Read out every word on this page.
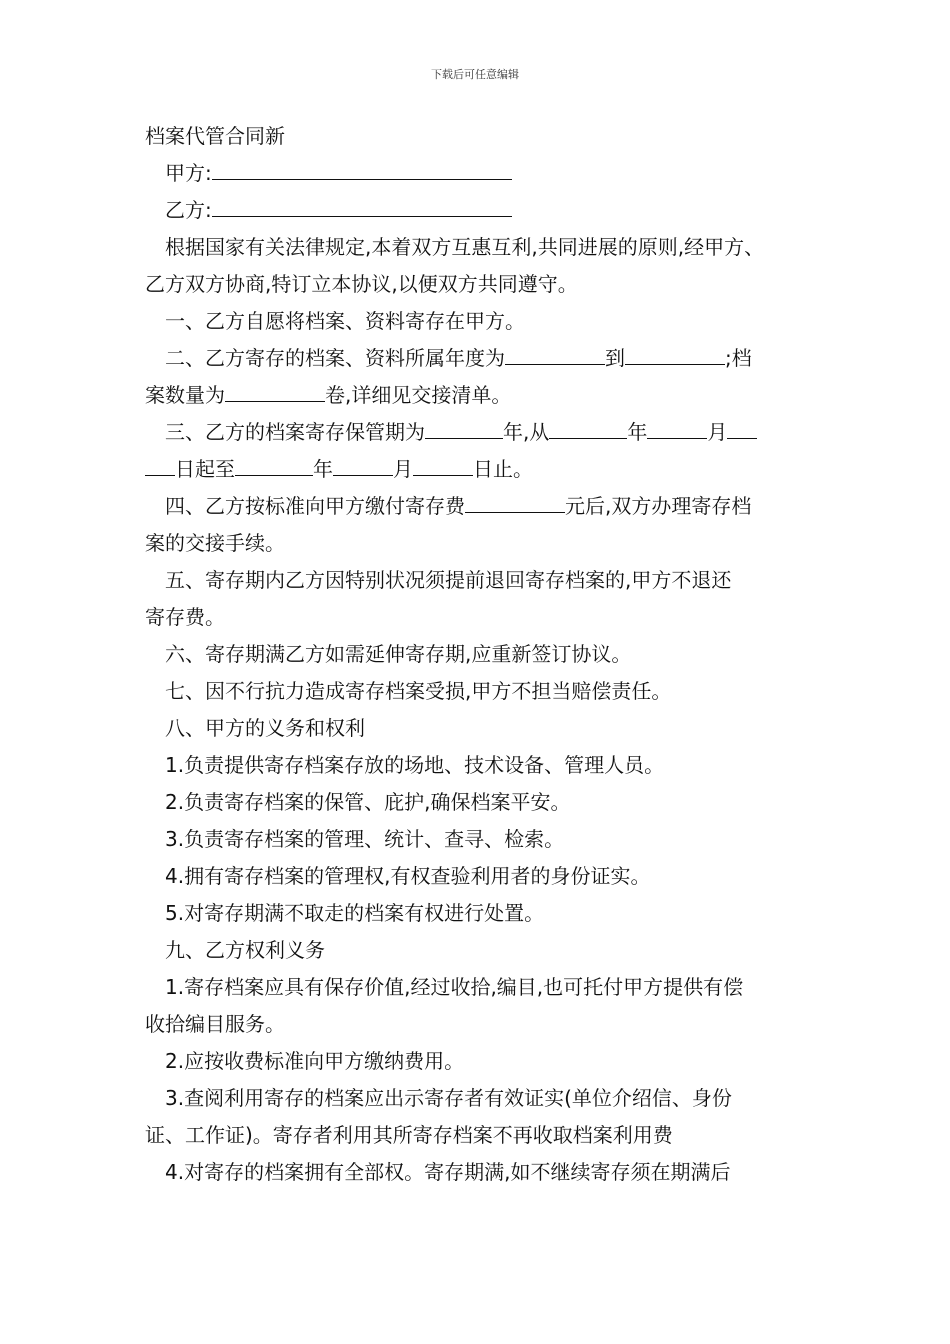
下载后可任意编辑
档案代管合同新
甲方:
乙方:
根据国家有关法律规定,本着双方互惠互利,共同进展的原则,经甲方、
乙方双方协商,特订立本协议,以便双方共同遵守。
一、乙方自愿将档案、资料寄存在甲方。
二、乙方寄存的档案、资料所属年度为	到	;档
案数量为	卷,详细见交接清单。
三、乙方的档案寄存保管期为	年,从	年	月
日起至	年	月	日止。
四、乙方按标准向甲方缴付寄存费	元后,双方办理寄存档
案的交接手续。
五、寄存期内乙方因特别状况须提前退回寄存档案的,甲方不退还
寄存费。
六、寄存期满乙方如需延伸寄存期,应重新签订协议。
七、因不行抗力造成寄存档案受损,甲方不担当赔偿责任。
八、甲方的义务和权利
1.负责提供寄存档案存放的场地、技术设备、管理人员。
2.负责寄存档案的保管、庇护,确保档案平安。
3.负责寄存档案的管理、统计、查寻、检索。
4.拥有寄存档案的管理权,有权查验利用者的身份证实。
5.对寄存期满不取走的档案有权进行处置。
九、乙方权利义务
1.寄存档案应具有保存价值,经过收拾,编目,也可托付甲方提供有偿
收拾编目服务。
2.应按收费标准向甲方缴纳费用。
3.查阅利用寄存的档案应出示寄存者有效证实(单位介绍信、身份
证、工作证)。寄存者利用其所寄存档案不再收取档案利用费
4.对寄存的档案拥有全部权。寄存期满,如不继续寄存须在期满后
